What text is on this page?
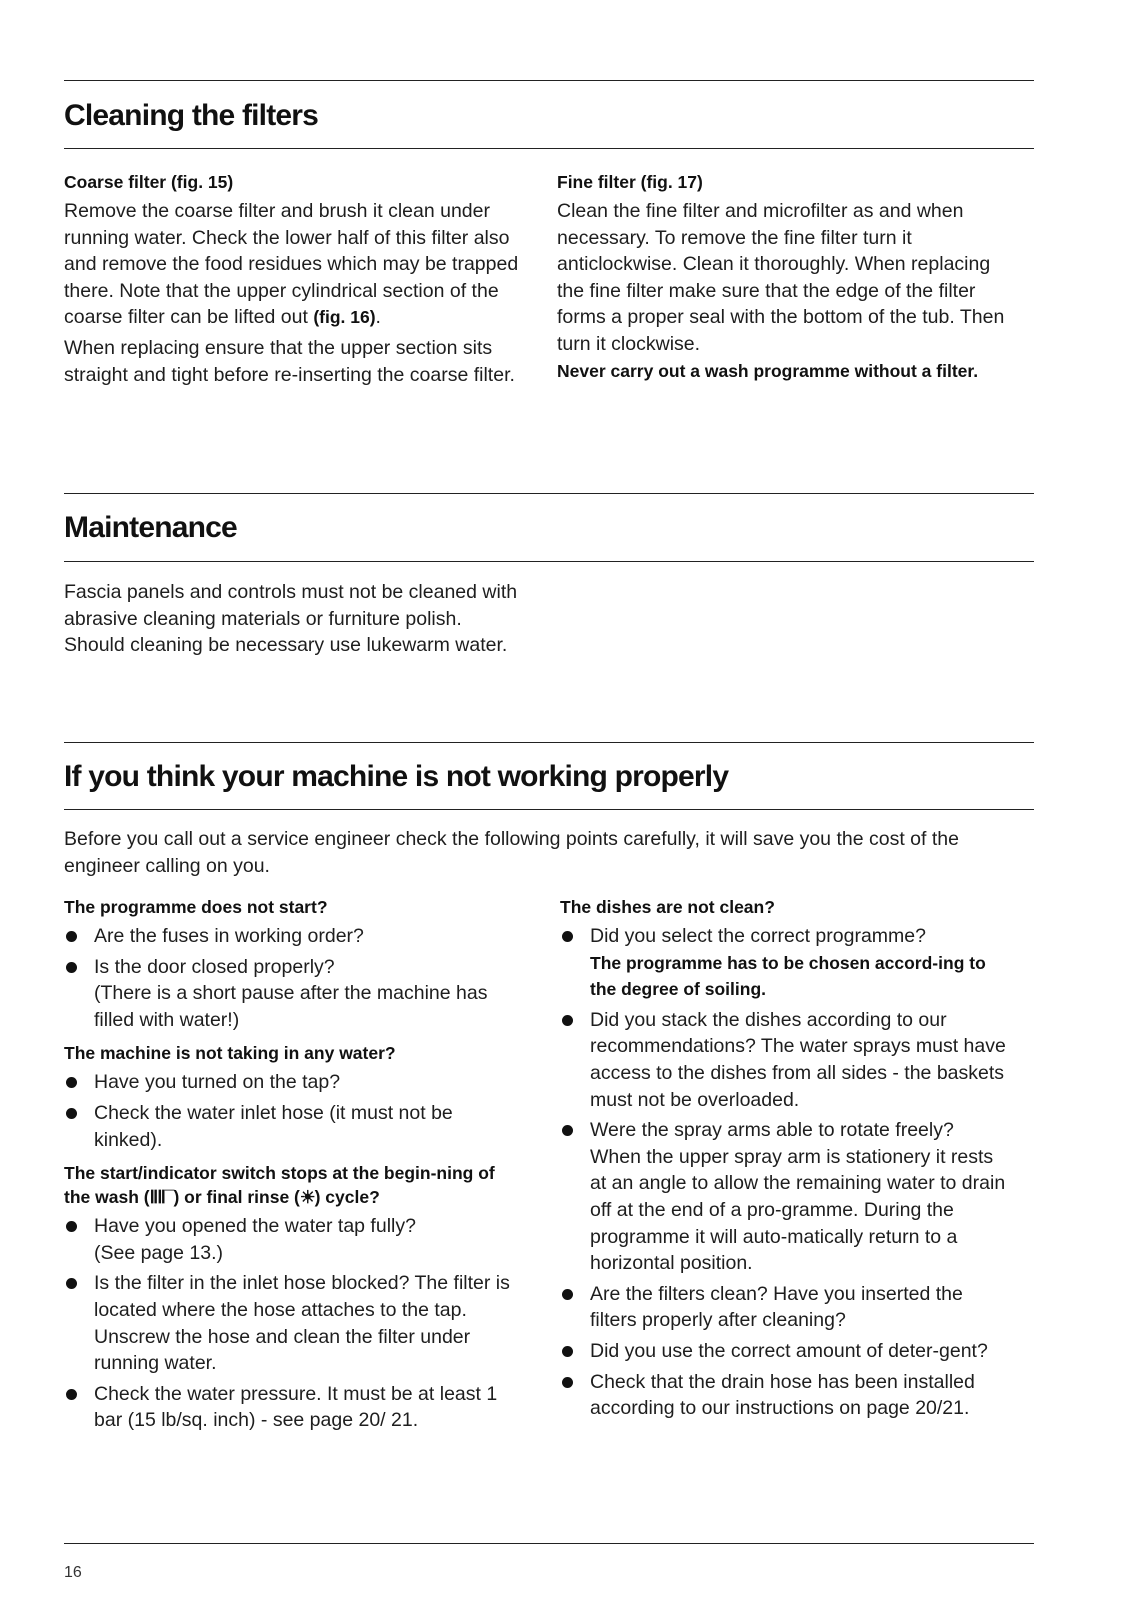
Cleaning the filters

Coarse filter (fig. 15)

Remove the coarse filter and brush it clean under running water. Check the lower half of this filter also and remove the food residues which may be trapped there. Note that the upper cylindrical section of the coarse filter can be lifted out (fig. 16).

When replacing ensure that the upper section sits straight and tight before re-inserting the coarse filter.

Fine filter (fig. 17)

Clean the fine filter and microfilter as and when necessary. To remove the fine filter turn it anticlockwise. Clean it thoroughly. When replacing the fine filter make sure that the edge of the filter forms a proper seal with the bottom of the tub. Then turn it clockwise.

Never carry out a wash programme without a filter.

Maintenance

Fascia panels and controls must not be cleaned with abrasive cleaning materials or furniture polish. Should cleaning be necessary use lukewarm water.

If you think your machine is not working properly

Before you call out a service engineer check the following points carefully, it will save you the cost of the engineer calling on you.

The programme does not start?

Are the fuses in working order?
Is the door closed properly?
(There is a short pause after the machine has filled with water!)

The machine is not taking in any water?

Have you turned on the tap?
Check the water inlet hose (it must not be kinked).

The start/indicator switch stops at the begin-ning of the wash (ⅡⅡ¯) or final rinse (☀) cycle?

Have you opened the water tap fully?
(See page 13.)
Is the filter in the inlet hose blocked? The filter is located where the hose attaches to the tap. Unscrew the hose and clean the filter under running water.
Check the water pressure. It must be at least 1 bar (15 lb/sq. inch) - see page 20/ 21.

The dishes are not clean?

Did you select the correct programme?
The programme has to be chosen accord-ing to the degree of soiling.
Did you stack the dishes according to our recommendations? The water sprays must have access to the dishes from all sides - the baskets must not be overloaded.
Were the spray arms able to rotate freely? When the upper spray arm is stationery it rests at an angle to allow the remaining water to drain off at the end of a pro-gramme. During the programme it will auto-matically return to a horizontal position.
Are the filters clean? Have you inserted the filters properly after cleaning?
Did you use the correct amount of deter-gent?
Check that the drain hose has been installed according to our instructions on page 20/21.
16
